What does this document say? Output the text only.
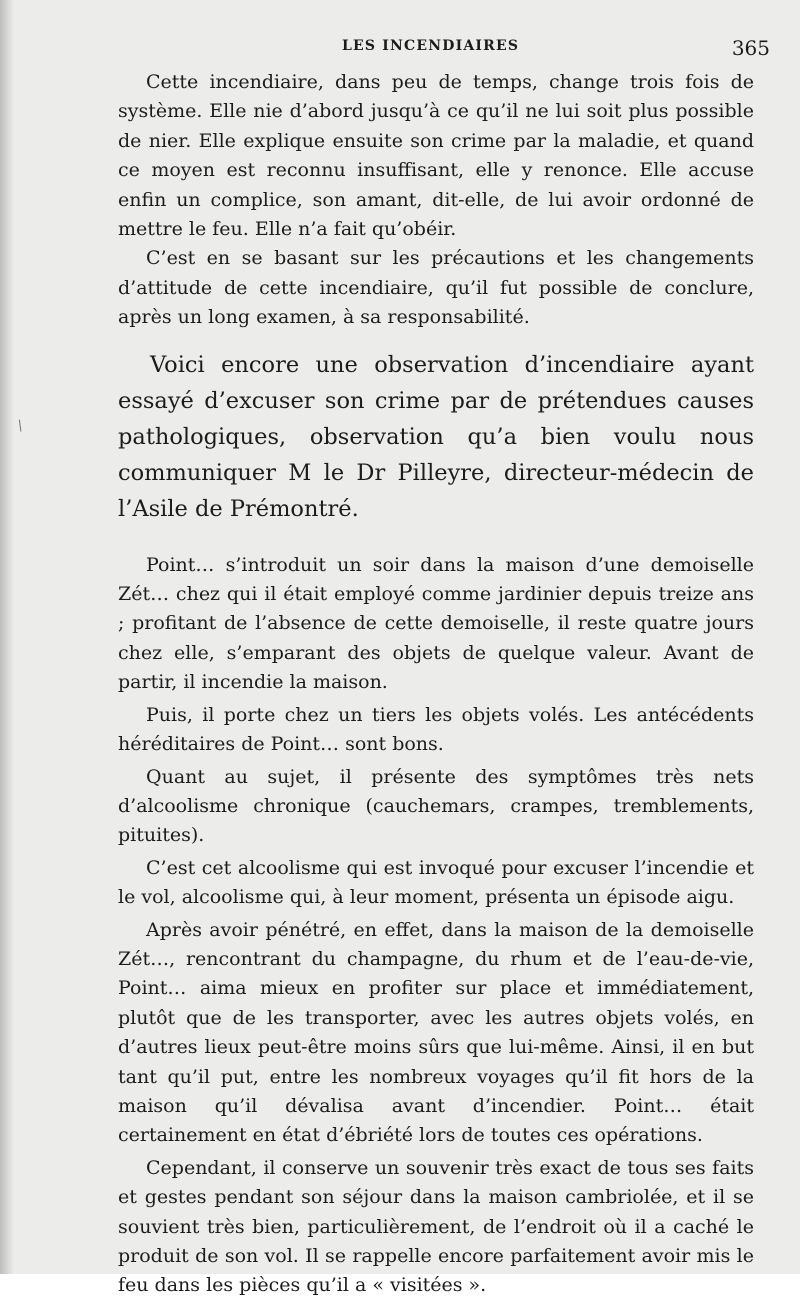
/
LES INCENDIAIRES	365

Cette incendiaire, dans peu de temps, change trois fois de système. Elle nie d’abord jusqu’à ce qu’il ne lui soit plus possible de nier. Elle explique ensuite son crime par la maladie, et quand ce moyen est reconnu insuffisant, elle y renonce. Elle accuse enfin un complice, son amant, dit-elle, de lui avoir ordonné de mettre le feu. Elle n’a fait qu’obéir.

C’est en se basant sur les précautions et les changements d’attitude de cette incendiaire, qu’il fut possible de conclure, après un long examen, à sa responsabilité.

Voici encore une observation d’incendiaire ayant essayé d’excuser son crime par de prétendues causes pathologiques, observation qu’a bien voulu nous communiquer M le Dr Pilleyre, directeur-médecin de l’Asile de Prémontré.

Point… s’introduit un soir dans la maison d’une demoiselle Zét… chez qui il était employé comme jardinier depuis treize ans ; profitant de l’absence de cette demoiselle, il reste quatre jours chez elle, s’emparant des objets de quelque valeur. Avant de partir, il incendie la maison.

Puis, il porte chez un tiers les objets volés. Les antécédents héréditaires de Point… sont bons.

Quant au sujet, il présente des symptômes très nets d’alcoolisme chronique (cauchemars, crampes, tremblements, pituites).

C’est cet alcoolisme qui est invoqué pour excuser l’incendie et le vol, alcoolisme qui, à leur moment, présenta un épisode aigu.

Après avoir pénétré, en effet, dans la maison de la demoiselle Zét…, rencontrant du champagne, du rhum et de l’eau-de-vie, Point… aima mieux en profiter sur place et immédiatement, plutôt que de les transporter, avec les autres objets volés, en d’autres lieux peut-être moins sûrs que lui-même. Ainsi, il en but tant qu’il put, entre les nombreux voyages qu’il fit hors de la maison qu’il dévalisa avant d’incendier. Point… était certainement en état d’ébriété lors de toutes ces opérations.

Cependant, il conserve un souvenir très exact de tous ses faits et gestes pendant son séjour dans la maison cambriolée, et il se souvient très bien, particulièrement, de l’endroit où il a caché le produit de son vol. Il se rappelle encore parfaitement avoir mis le feu dans les pièces qu’il a « visitées ».
